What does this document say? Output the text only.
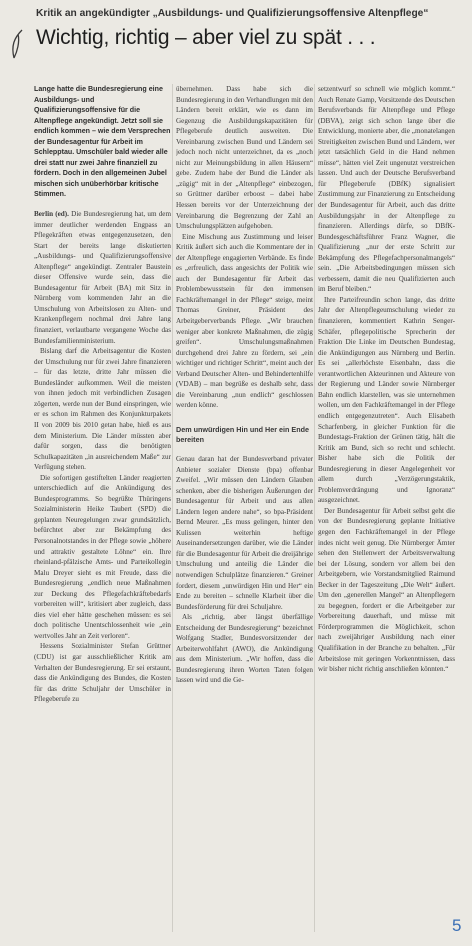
Kritik an angekündigter „Ausbildungs- und Qualifizierungsoffensive Altenpflege“
Wichtig, richtig – aber viel zu spät . . .
Lange hatte die Bundesregierung eine Ausbildungs- und Qualifizierungsoffensive für die Altenpflege angekündigt. Jetzt soll sie endlich kommen – wie dem Versprechen der Bundesagentur für Arbeit im Schlepptau. Umschüler bald wieder alle drei statt nur zwei Jahre finanziell zu fördern. Doch in den allgemeinen Jubel mischen sich unüberhörbar kritische Stimmen.

Berlin (ed). Die Bundesregierung hat, um dem immer deutlicher werdenden Engpass an Pflegekräften etwas entgegenzusetzen, den Start der bereits lange diskutierten „Ausbildungs- und Qualifizierungsoffensive Altenpflege“ angekündigt. Zentraler Baustein dieser Offensive wurde sein, dass die Bundesagentur für Arbeit (BA) mit Sitz in Nürnberg vom kommenden Jahr an die Umschulung von Arbeitslosen zu Alten- und Krankenpflegern nochmal drei Jahre lang finanziert, verlautbarte vergangene Woche das Bundesfamilienministerium.

Bislang darf die Arbeitsagentur die Kosten der Umschulung nur für zwei Jahre finanzieren – für das letzte, dritte Jahr müssen die Bundesländer aufkommen. Weil die meisten von ihnen jedoch mit verbindlichen Zusagen zögerten, werde nun der Bund einspringen, wie er es schon im Rahmen des Konjunkturpakets II von 2009 bis 2010 getan habe, hieß es aus dem Ministerium. Die Länder müssten aber dafür sorgen, dass die benötigten Schulkapazitäten „in ausreichendem Maße“ zur Verfügung stehen.

Die sofortigen gestiftelten Länder reagierten unterschiedlich auf die Ankündigung des Bundesprogramms. So begrüßte Thüringens Sozialministerin Heike Taubert (SPD) die geplanten Neuregelungen zwar grundsätzlich, befürchtet aber zur Bekämpfung des Personalnotstandes in der Pflege sowie „höhere und attraktiv gestaltete Löhne“ ein. Ihre rheinland-pfälzische Amts- und Parteikollegin Malu Dreyer sieht es mit Freude, dass die Bundesregierung „endlich neue Maßnahmen zur Deckung des Pflegefachkräftebedarfs vorbereiten will“, kritisiert aber zugleich, dass dies viel eher hätte geschehen müssen: es sei doch politische Unentschlossenheit wie „ein wertvolles Jahr an Zeit verloren“.

Hessens Sozialminister Stefan Grüttner (CDU) ist gar ausschließlicher Kritik am Verhalten der Bundesregierung. Er sei erstaunt, dass die Ankündigung des Bundes, die Kosten für das dritte Schuljahr der Umschüler in Pflegeberufe zu

übernehmen. Dass habe sich die Bundesregierung in den Verhandlungen mit den Ländern bereit erklärt, wie es dann im Gegenzug die Ausbildungskapazitäten für Pflegeberufe deutlich ausweiten. Die Vereinbarung zwischen Bund und Ländern sei jedoch noch nicht unterzeichnet, da es „noch nicht zur Meinungsbildung in allen Häusern“ gebe. Zudem habe der Bund die Länder als „zügig“ mit in der „Altenpflege“ einbezogen, so Grüttner darüber erboost – dabei habe Hessen bereits vor der Unterzeichnung der Vereinbarung die Begrenzung der Zahl an Umschulungsplätzen aufgehoben.

Eine Mischung aus Zustimmung und leiser Kritik äußert sich auch die Kommentare der in der Altenpflege engagierten Verbände. Es finde es „erfreulich, dass angesichts der Politik wie auch der Bundesagentur für Arbeit das Problembewusstsein für den immensen Fachkräftemangel in der Pflege“ steige, meint Thomas Greiner, Präsident des Arbeitgeberverbands Pflege. „Wir brauchen weniger aber konkrete Maßnahmen, die zügig greifen“. Umschulungsmaßnahmen durchgehend drei Jahre zu fördern, sei „ein wichtiger und richtiger Schritt“, meint auch der Verband Deutscher Alten- und Behindertenhilfe (VDAB) – man begrüße es deshalb sehr, dass die Vereinbarung „nun endlich“ geschlossen werden könne.

Dem unwürdigen Hin und Her ein Ende bereiten

Genau daran hat der Bundesverband privater Anbieter sozialer Dienste (bpa) offenbar Zweifel. „Wir müssen den Ländern Glauben schenken, aber die bisherigen Äußerungen der Bundesagentur für Arbeit und aus allen Ländern legen andere nahe“, so bpa-Präsident Bernd Meurer. „Es muss gelingen, hinter den Kulissen weiterhin heftige Auseinandersetzungen darüber, wie die Länder für die Bundesagentur für Arbeit die dreijährige Umschulung und anteilig die Länder die notwendigen Schulplätze finanzieren.“ Greiner fordert, diesem „unwürdigen Hin und Her“ ein Ende zu bereiten – schnelle Klarheit über die Bundesförderung für drei Schuljahre.

Als „richtig, aber längst überfällige Entscheidung der Bundesregierung“ bezeichnet Wolfgang Stadler, Bundesvorsitzender der Arbeiterwohlfahrt (AWO), die Ankündigung aus dem Ministerium. „Wir hoffen, dass die Bundesregierung ihren Worten Taten folgen lassen wird und die Ge-

setzentwurf so schnell wie möglich kommt.“ Auch Renate Gamp, Vorsitzende des Deutschen Berufsverbands für Altenpflege und Pflege (DBVA), zeigt sich schon lange über die Entwicklung, monierte aber, die „monatelangen Streitigkeiten zwischen Bund und Ländern, wer jetzt tatsächlich Geld in die Hand nehmen müsse“, hätten viel Zeit ungenutzt verstreichen lassen. Und auch der Deutsche Berufsverband für Pflegeberufe (DBfK) signalisiert Zustimmung zur Finanzierung zu Entscheidung der Bundesagentur für Arbeit, auch das dritte Ausbildungsjahr in der Altenpflege zu finanzieren. Allerdings dürfe, so DBfK-Bundesgeschäftsführer Franz Wagner, die Qualifizierung „nur der erste Schritt zur Bekämpfung des Pflegefachpersonalmangels“ sein. „Die Arbeitsbedingungen müssen sich verbessern, damit die neu Qualifizierten auch im Beruf bleiben.“

Ihre Parteifreundin schon lange, das dritte Jahr der Altenpflegeumschulung wieder zu finanzieren, kommentiert Kathrin Senger-Schäfer, pflegepolitische Sprecherin der Fraktion Die Linke im Deutschen Bundestag, die Ankündigungen aus Nürnberg und Berlin. Es sei „allerhöchste Eisenbahn, dass die verantwortlichen Akteurinnen und Akteure von der Regierung und Länder sowie Nürnberger Bahn endlich klarstellen, was sie unternehmen wollen, um den Fachkräftemangel in der Pflege endlich entgegenzutreten“. Auch Elisabeth Scharfenberg, in gleicher Funktion für die Bundestags-Fraktion der Grünen tätig, hält die Kritik am Bund, sich so recht und schlecht. Bisher habe sich die Politik der Bundesregierung in dieser Angelegenheit vor allem durch „Verzögerungstaktik, Problemverdrängung und Ignoranz“ ausgezeichnet.

Der Bundesagentur für Arbeit selbst geht die von der Bundesregierung geplante Initiative gegen den Fachkräftemangel in der Pflege indes nicht weit genug. Die Nürnberger Ämter sehen den Stellenwert der Arbeitsverwaltung bei der Lösung, sondern vor allem bei den Arbeitgebern, wie Vorstandsmitglied Raimund Becker in der Tageszeitung „Die Welt“ äußert. Um den „generellen Mangel“ an Altenpflegern zu begegnen, fordert er die Arbeitgeber zur Vorbereitung dauerhaft, und müsse mit Förderprogrammen die Möglichkeit, schon nach zweijähriger Ausbildung nach einer Qualifikation in der Branche zu behalten. „Für Arbeitslose mit geringen Vorkenntnissen, dass wir bisher nicht richtig anschließen könnten.“

5
